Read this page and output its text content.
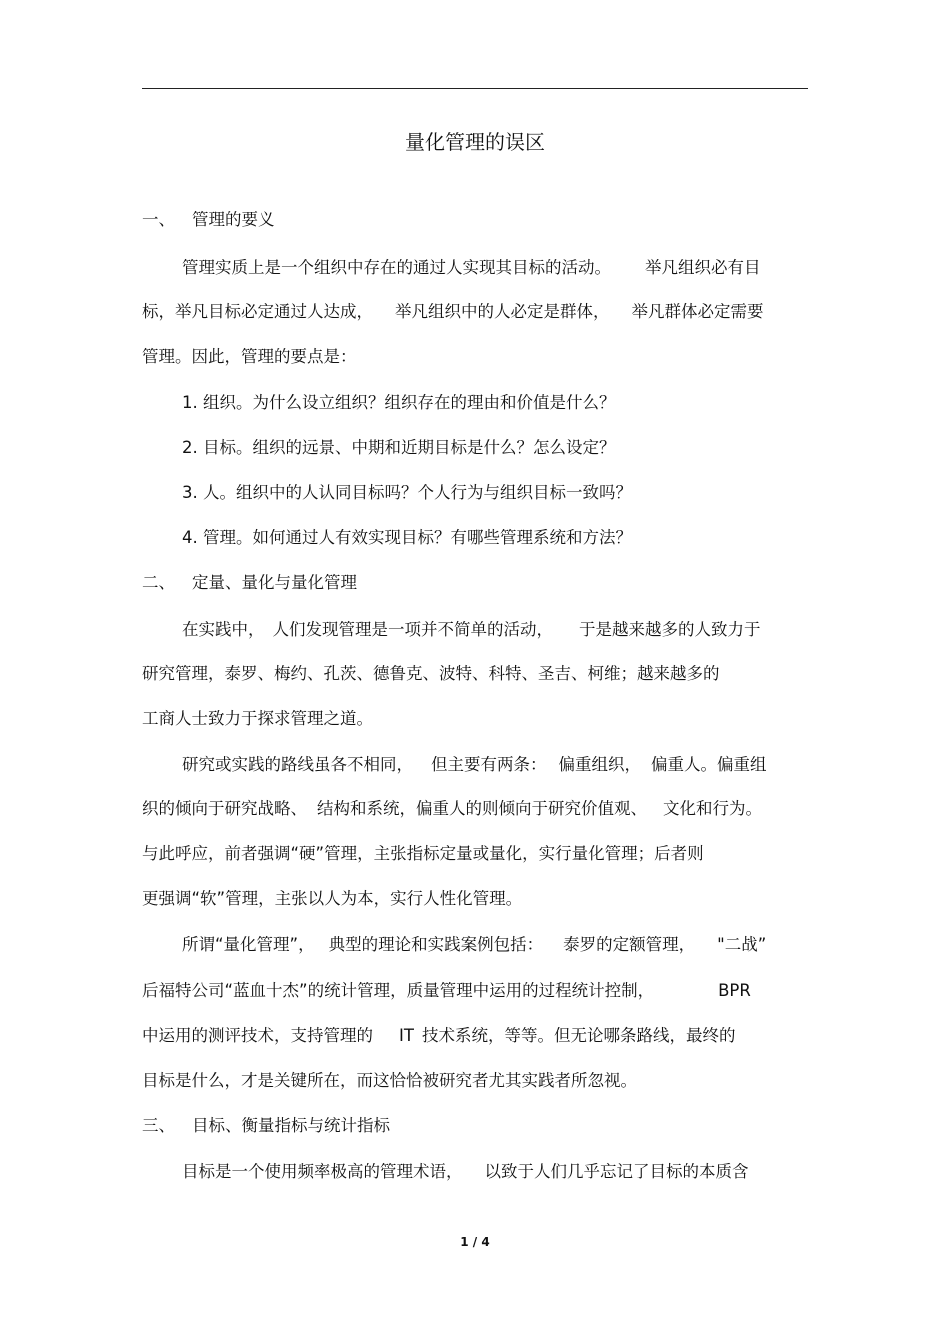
量化管理的误区
一、 管理的要义
管理实质上是一个组织中存在的通过人实现其目标的活动。 举凡组织必有目
标，举凡目标必定通过人达成， 举凡组织中的人必定是群体， 举凡群体必定需要
管理。因此，管理的要点是：
1. 组织。为什么设立组织？组织存在的理由和价值是什么？
2. 目标。组织的远景、中期和近期目标是什么？怎么设定？
3. 人。组织中的人认同目标吗？个人行为与组织目标一致吗？
4. 管理。如何通过人有效实现目标？有哪些管理系统和方法？
二、 定量、量化与量化管理
在实践中， 人们发现管理是一项并不简单的活动， 于是越来越多的人致力于
研究管理，泰罗、梅约、孔茨、德鲁克、波特、科特、圣吉、柯维；越来越多的
工商人士致力于探求管理之道。
研究或实践的路线虽各不相同， 但主要有两条： 偏重组织， 偏重人。偏重组
织的倾向于研究战略、 结构和系统，偏重人的则倾向于研究价值观、 文化和行为。
与此呼应，前者强调“硬”管理，主张指标定量或量化，实行量化管理；后者则
更强调“软”管理，主张以人为本，实行人性化管理。
所谓“量化管理”， 典型的理论和实践案例包括： 泰罗的定额管理， "二战”
后福特公司“蓝血十杰”的统计管理，质量管理中运用的过程统计控制，	BPR
中运用的测评技术，支持管理的 IT 技术系统，等等。但无论哪条路线，最终的
目标是什么，才是关键所在，而这恰恰被研究者尤其实践者所忽视。
三、 目标、衡量指标与统计指标
目标是一个使用频率极高的管理术语， 以致于人们几乎忘记了目标的本质含
1 / 4
